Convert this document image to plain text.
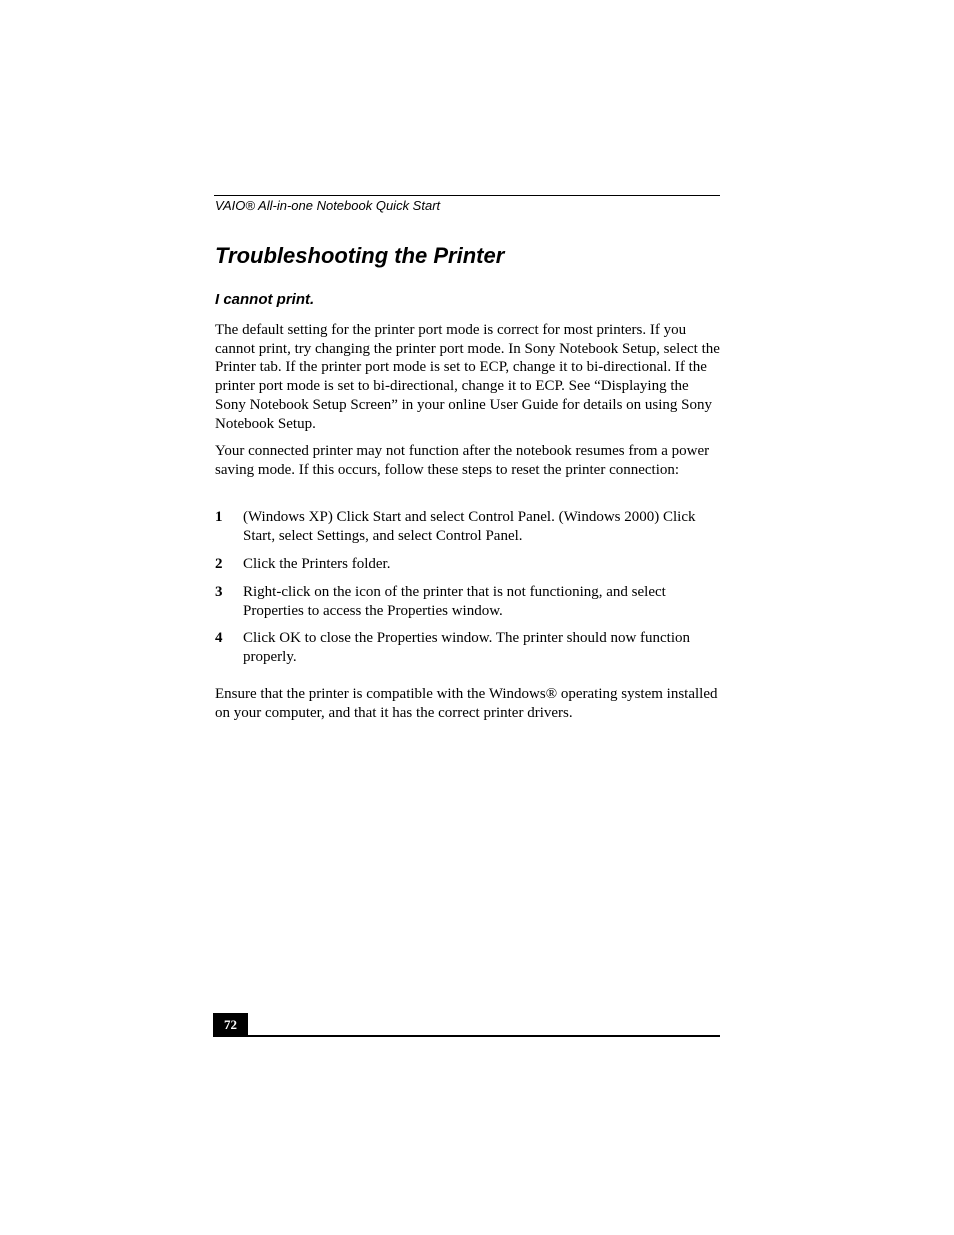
VAIO® All-in-one Notebook Quick Start
Troubleshooting the Printer
I cannot print.

The default setting for the printer port mode is correct for most printers. If you cannot print, try changing the printer port mode. In Sony Notebook Setup, select the Printer tab. If the printer port mode is set to ECP, change it to bi-directional. If the printer port mode is set to bi-directional, change it to ECP. See “Displaying the Sony Notebook Setup Screen” in your online User Guide for details on using Sony Notebook Setup.

Your connected printer may not function after the notebook resumes from a power saving mode. If this occurs, follow these steps to reset the printer connection:

1 (Windows XP) Click Start and select Control Panel. (Windows 2000) Click Start, select Settings, and select Control Panel.
2 Click the Printers folder.
3 Right-click on the icon of the printer that is not functioning, and select Properties to access the Properties window.
4 Click OK to close the Properties window. The printer should now function properly.

Ensure that the printer is compatible with the Windows® operating system installed on your computer, and that it has the correct printer drivers.

72
